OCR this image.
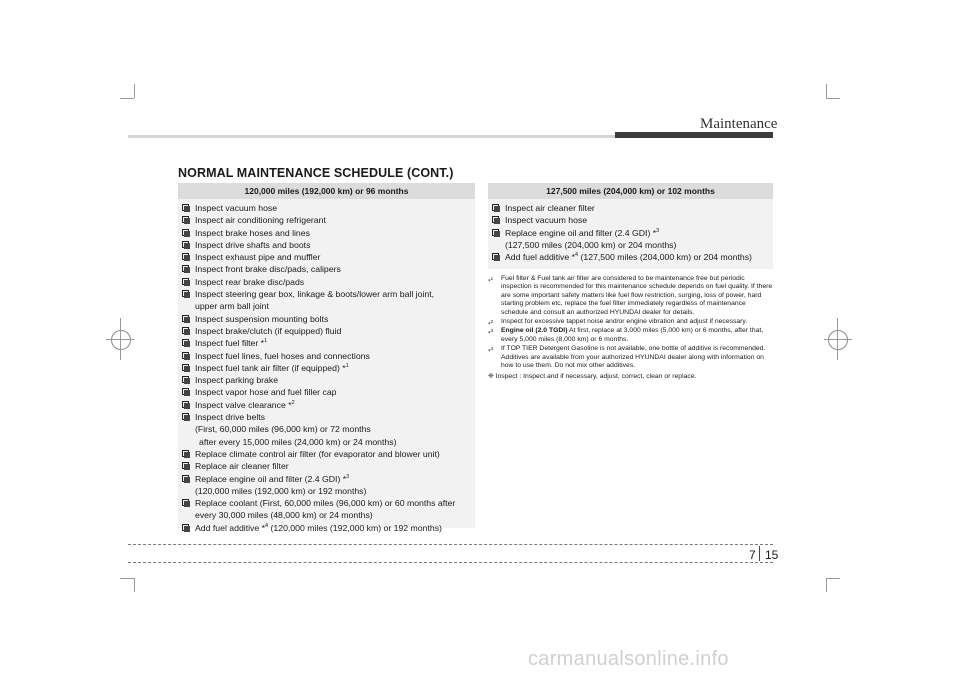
Maintenance
NORMAL MAINTENANCE SCHEDULE (CONT.)
120,000 miles (192,000 km) or 96 months
Inspect vacuum hose
Inspect air conditioning refrigerant
Inspect brake hoses and lines
Inspect drive shafts and boots
Inspect exhaust pipe and muffler
Inspect front brake disc/pads, calipers
Inspect rear brake disc/pads
Inspect steering gear box, linkage & boots/lower arm ball joint,
upper arm ball joint
Inspect suspension mounting bolts
Inspect brake/clutch (if equipped) fluid
Inspect fuel filter *$^1$
Inspect fuel lines, fuel hoses and connections
Inspect fuel tank air filter (if equipped) *$^1$
Inspect parking brake
Inspect vapor hose and fuel filler cap
Inspect valve clearance *$^2$
Inspect drive belts
(First, 60,000 miles (96,000 km) or 72 months
after every 15,000 miles (24,000 km) or 24 months)
Replace climate control air filter (for evaporator and blower unit)
Replace air cleaner filter
Replace engine oil and filter (2.4 GDI) *$^3$
(120,000 miles (192,000 km) or 192 months)
Replace coolant (First, 60,000 miles (96,000 km) or 60 months after
every 30,000 miles (48,000 km) or 24 months)
Add fuel additive *$^4$ (120,000 miles (192,000 km) or 192 months)
127,500 miles (204,000 km) or 102 months
Inspect air cleaner filter
Inspect vacuum hose
Replace engine oil and filter (2.4 GDI) *$^3$
(127,500 miles (204,000 km) or 204 months)
Add fuel additive *$^4$ (127,500 miles (204,000 km) or 204 months)
*$^1$ Fuel filter & Fuel tank air filter are considered to be maintenance free but periodic inspection is recommended for this maintenance schedule depends on fuel quality. If there are some important safety matters like fuel flow restriction, surging, loss of power, hard starting problem etc, replace the fuel filter immediately regardless of maintenance schedule and consult an authorized HYUNDAI dealer for details.
*$^2$ Inspect for excessive tappet noise and/or engine vibration and adjust if necessary.
*$^3$ Engine oil (2.0 TGDI) At first, replace at 3,000 miles (5,000 km) or 6 months, after that, every 5,000 miles (8,000 km) or 6 months.
*$^4$ If TOP TIER Detergent Gasoline is not available, one bottle of additive is recommended. Additives are available from your authorized HYUNDAI dealer along with information on how to use them. Do not mix other additives.
❈ Inspect : Inspect and if necessary, adjust, correct, clean or replace.
7 15
carmanualsonline.info
